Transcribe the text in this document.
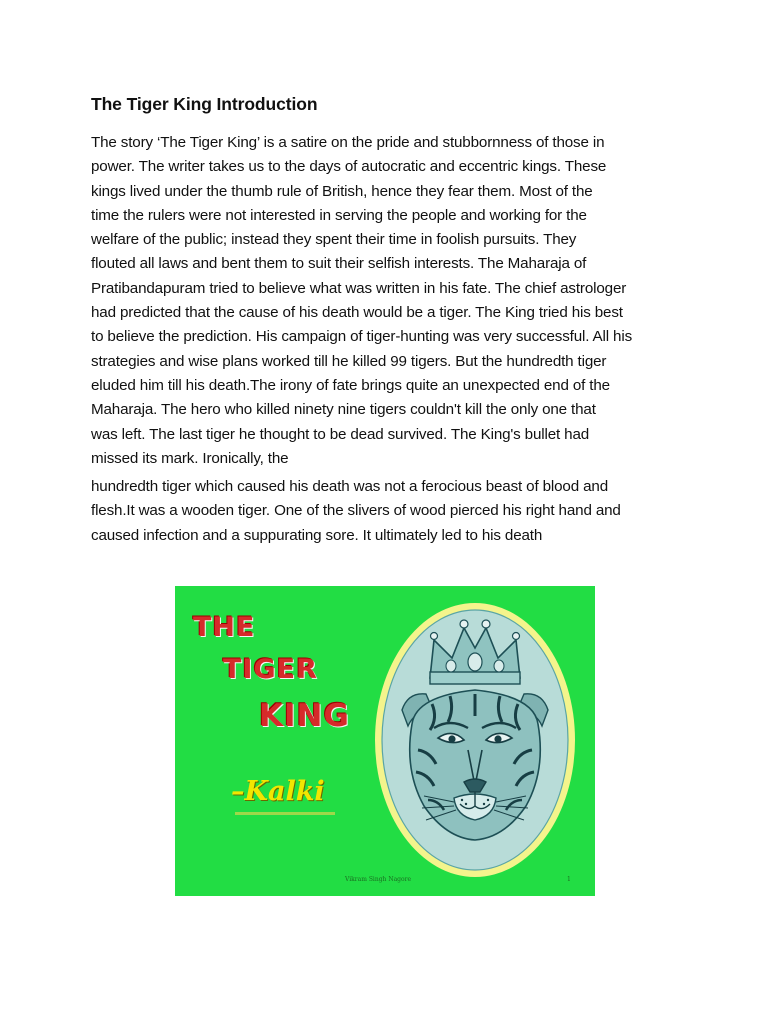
The Tiger King Introduction

The story ‘The Tiger King’ is a satire on the pride and stubbornness of those in
power. The writer takes us to the days of autocratic and eccentric kings. These
kings lived under the thumb rule of British, hence they fear them. Most of the
time the rulers were not interested in serving the people and working for the
welfare of the public; instead they spent their time in foolish pursuits. They
flouted all laws and bent them to suit their selfish interests. The Maharaja of
Pratibandapuram tried to believe what was written in his fate. The chief astrologer
had predicted that the cause of his death would be a tiger. The King tried his best
to believe the prediction. His campaign of tiger-hunting was very successful. All his
strategies and wise plans worked till he killed 99 tigers. But the hundredth tiger
eluded him till his death.The irony of fate brings quite an unexpected end of the
Maharaja. The hero who killed ninety nine tigers couldn't kill the only one that
was left. The last tiger he thought to be dead survived. The King's bullet had
missed its mark. Ironically, the

hundredth tiger which caused his death was not a ferocious beast of blood and
flesh.It was a wooden tiger. One of the slivers of wood pierced his right hand and
caused infection and a suppurating sore. It ultimately led to his death

THE
TIGER
KING
–Kalki
Vikram Singh Nagore	1
